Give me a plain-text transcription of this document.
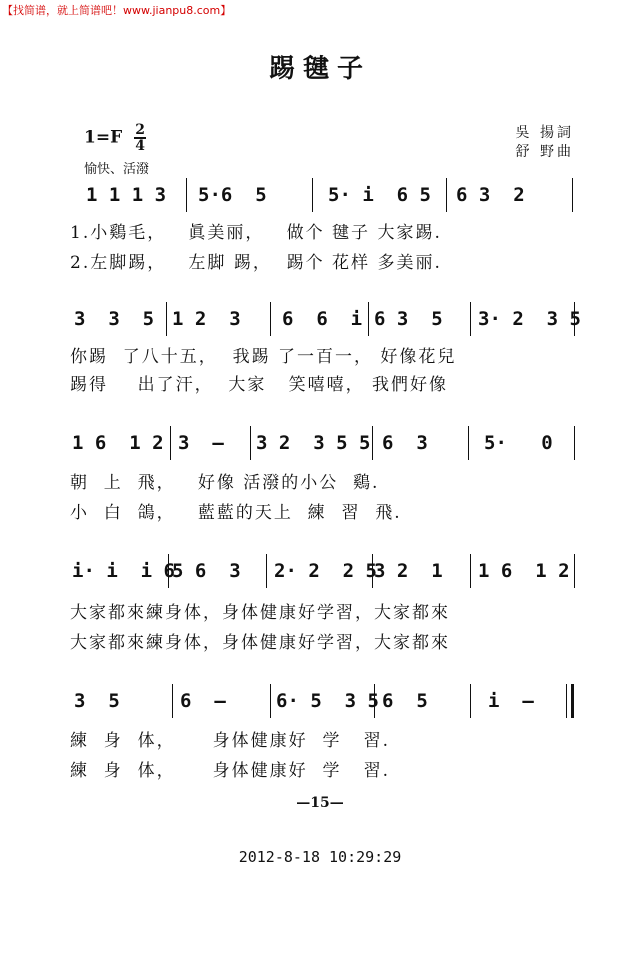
【找简谱，就上简谱吧！www.jianpu8.com】
踢毽子
$1=F \frac{2}{4}$
愉快、活潑
吳 揚詞
舒 野曲
1 1 1 3 5·6  5	5· i  6 5 6 3  2
1.小鷄毛，   眞美丽，   做个 毽子 大家踢.
2.左脚踢，   左脚 踢，  踢个 花样 多美丽.
3  3  5 1 2  3 6  6  i 6 3  5 3· 2  3 5
你踢  了八十五，  我踢 了一百一， 好像花兒
踢得    出了汗，  大家   笑嘻嘻， 我們好像
1 6  1 2 3  – 3 2  3 5 5 6  3	5·   0
朝  上  飛，   好像 活潑的小公  鷄.
小  白  鴿，   藍藍的天上  練  習  飛.
i· i  i 6
5 6  3 2· 2  2 5
3 2  1 1 6  1 2
大家都來練身体，身体健康好学習，大家都來
大家都來練身体，身体健康好学習，大家都來
3  5	6  –	6· 5  3 5 6  5	i  –
練  身  体，     身体健康好  学   習.
練  身  体，     身体健康好  学   習.
—15—
2012-8-18 10:29:29
